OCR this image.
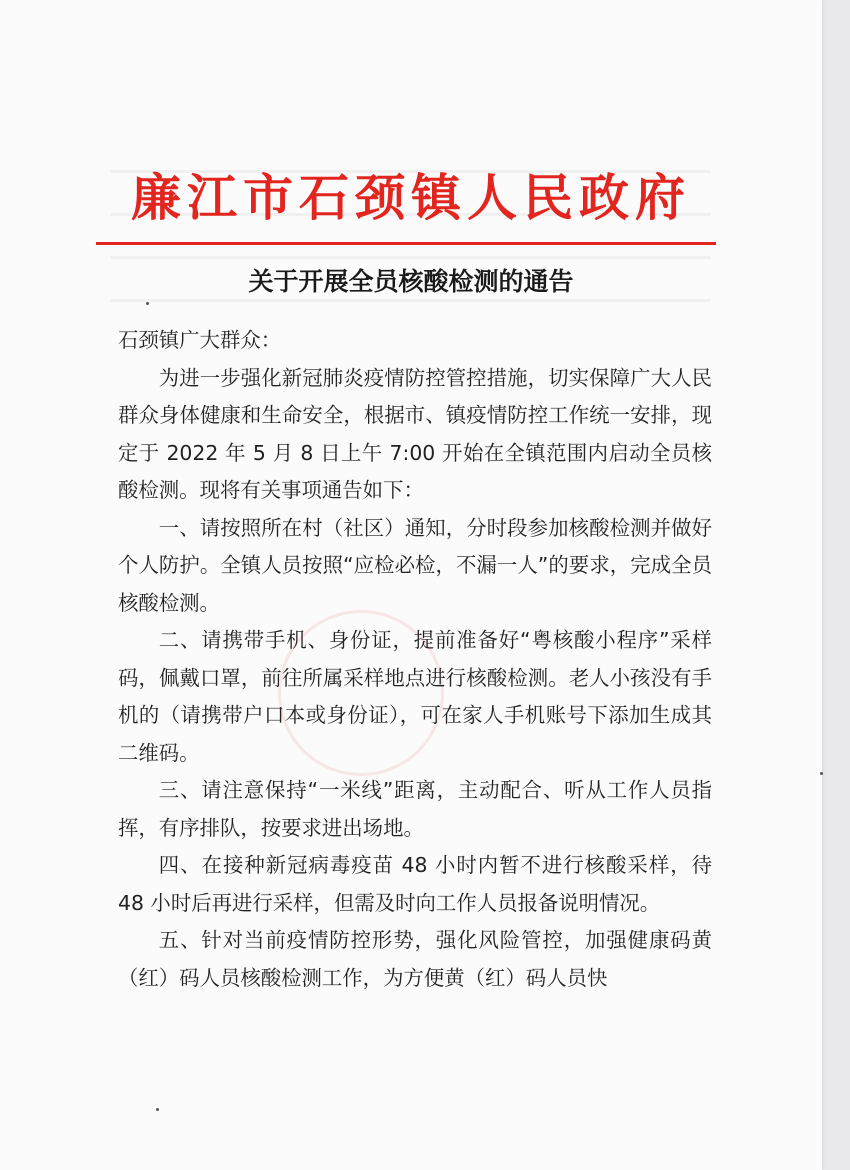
廉江市石颈镇人民政府
关于开展全员核酸检测的通告

石颈镇广大群众：

为进一步强化新冠肺炎疫情防控管控措施，切实保障广大人民群众身体健康和生命安全，根据市、镇疫情防控工作统一安排，现定于 2022 年 5 月 8 日上午 7:00 开始在全镇范围内启动全员核酸检测。现将有关事项通告如下：

一、请按照所在村（社区）通知，分时段参加核酸检测并做好个人防护。全镇人员按照“应检必检，不漏一人”的要求，完成全员核酸检测。

二、请携带手机、身份证，提前准备好“粤核酸小程序”采样码，佩戴口罩，前往所属采样地点进行核酸检测。老人小孩没有手机的（请携带户口本或身份证），可在家人手机账号下添加生成其二维码。

三、请注意保持“一米线”距离，主动配合、听从工作人员指挥，有序排队，按要求进出场地。

四、在接种新冠病毒疫苗 48 小时内暂不进行核酸采样，待 48 小时后再进行采样，但需及时向工作人员报备说明情况。

五、针对当前疫情防控形势，强化风险管控，加强健康码黄（红）码人员核酸检测工作，为方便黄（红）码人员快
